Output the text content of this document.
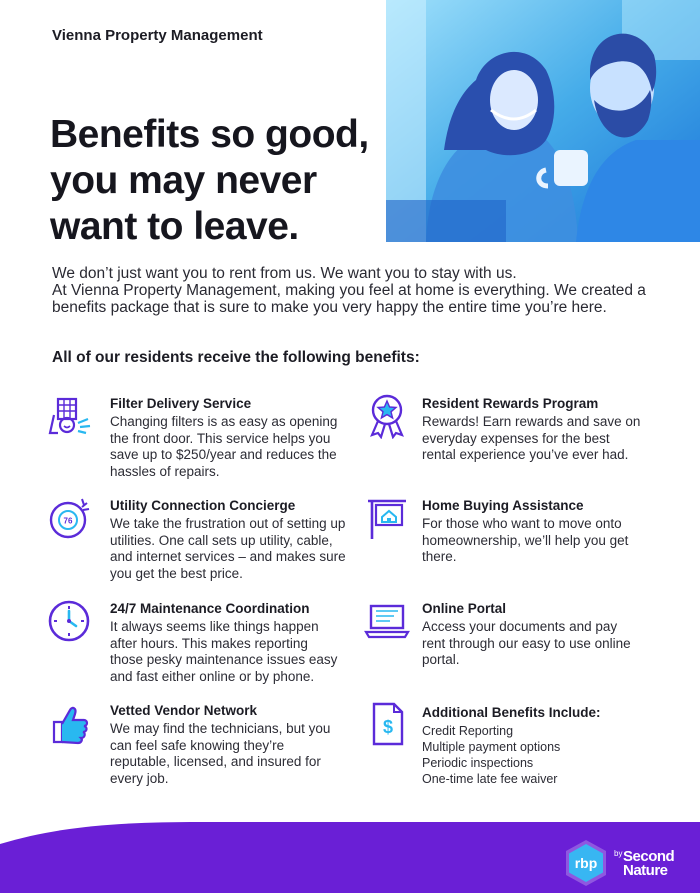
Vienna Property Management
Benefits so good,
you may never
want to leave.

We don’t just want you to rent from us. We want you to stay with us.

At Vienna Property Management, making you feel at home is everything. We created a benefits package that is sure to make you very happy the entire time you’re here.

All of our residents receive the following benefits:
76
$
Filter Delivery Service
Changing filters is as easy as opening the front door. This service helps you save up to $250/year and reduces the hassles of repairs.
Resident Rewards Program
Rewards! Earn rewards and save on everyday expenses for the best rental experience you’ve ever had.
Utility Connection Concierge
We take the frustration out of setting up utilities. One call sets up utility, cable, and internet services – and makes sure you get the best price.
Home Buying Assistance
For those who want to move onto homeownership, we’ll help you get there.
24/7 Maintenance Coordination
It always seems like things happen after hours. This makes reporting those pesky maintenance issues easy and fast either online or by phone.
Online Portal
Access your documents and pay rent through our easy to use online portal.
Vetted Vendor Network
We may find the technicians, but you can feel safe knowing they’re reputable, licensed, and insured for every job.
Additional Benefits Include:
Credit Reporting
Multiple payment options
Periodic inspections
One-time late fee waiver
rbp
by Second
Nature
